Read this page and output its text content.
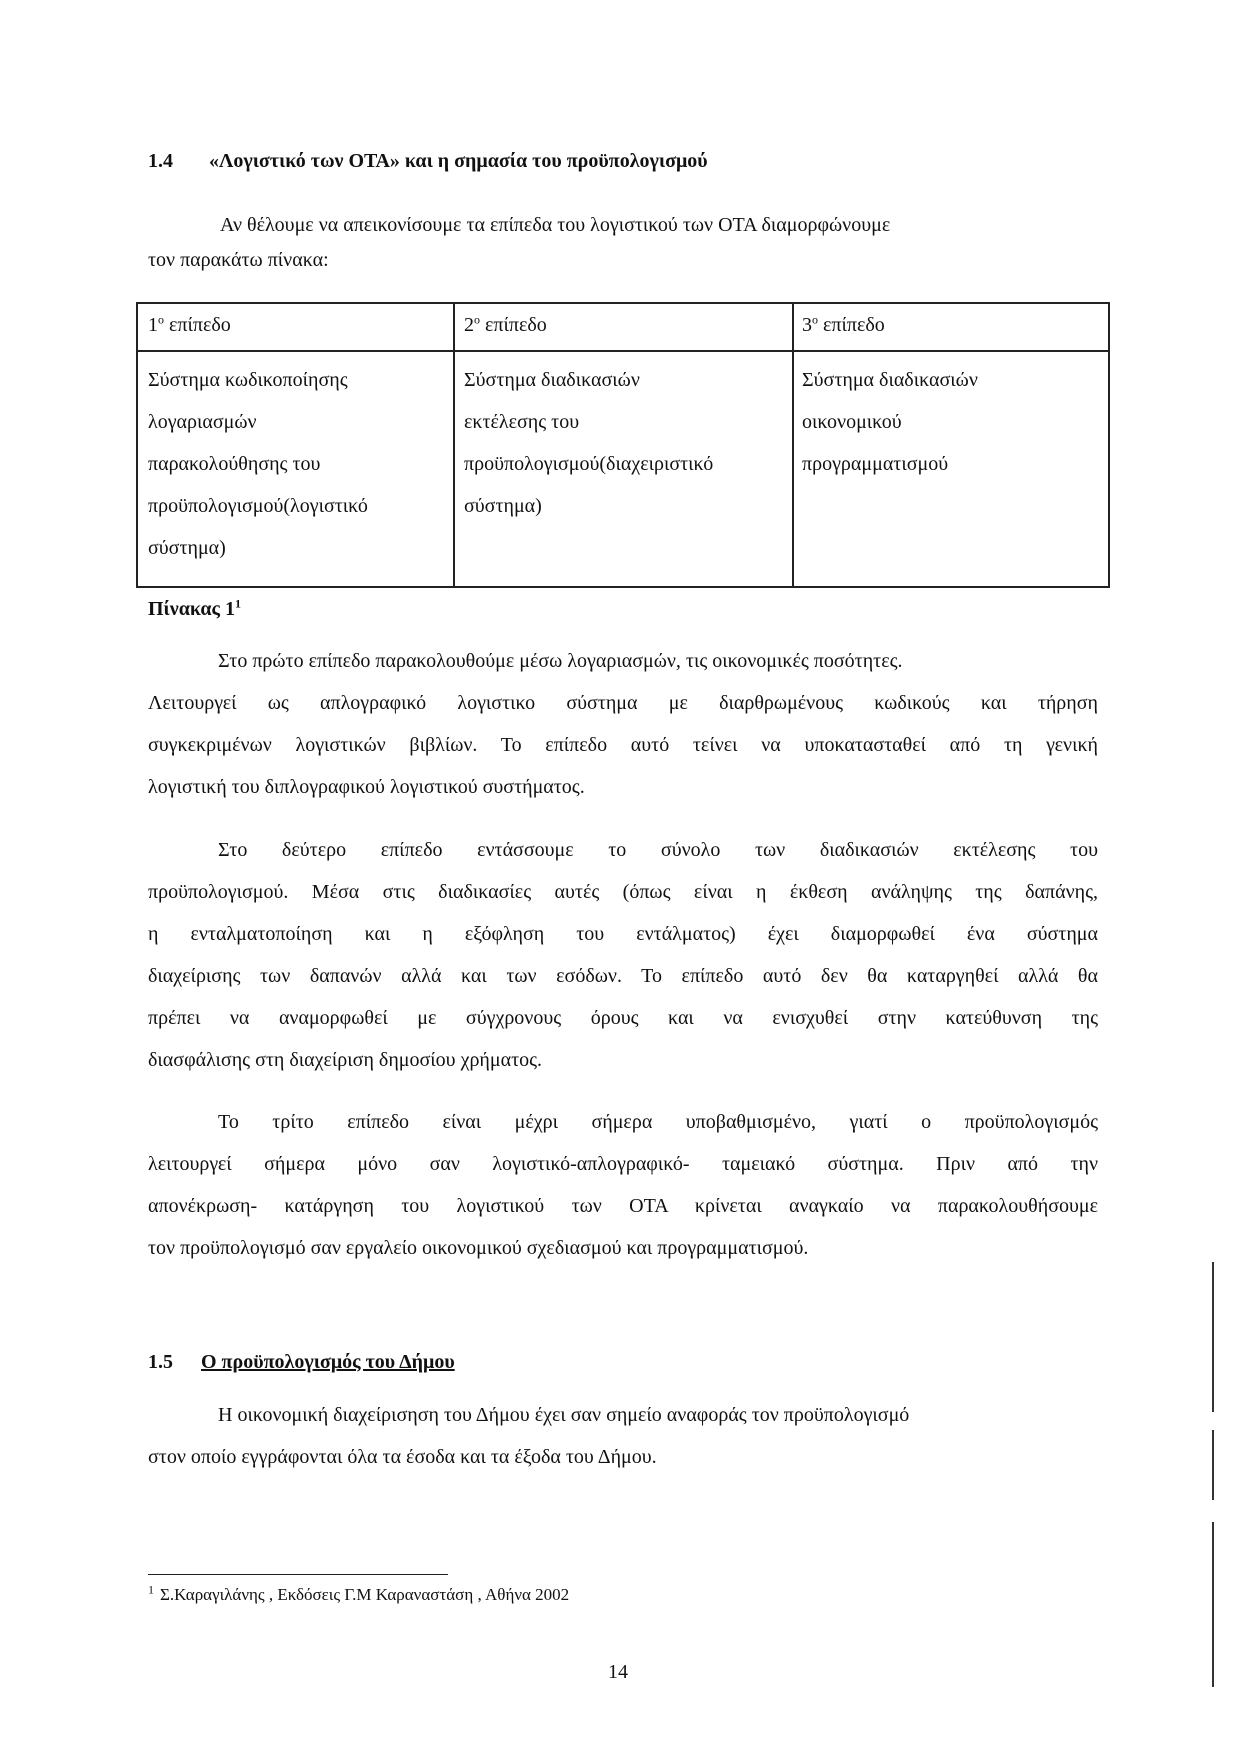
1.4 «Λογιστικό των ΟΤΑ» και η σημασία του προϋπολογισμού
Αν θέλουμε να απεικονίσουμε τα επίπεδα του λογιστικού των ΟΤΑ διαμορφώνουμε
τον παρακάτω πίνακα:
$1^o$ επίπεδο	$2^o$ επίπεδο	$3^o$ επίπεδο
Σύστημα κωδικοποίησης
λογαριασμών
παρακολούθησης του
προϋπολογισμού(λογιστικό
σύστημα)
Σύστημα διαδικασιών
εκτέλεσης του
προϋπολογισμού(διαχειριστικό
σύστημα)
Σύστημα διαδικασιών
οικονομικού
προγραμματισμού
Πίνακας $1^1$
Στο πρώτο επίπεδο παρακολουθούμε μέσω λογαριασμών, τις οικονομικές ποσότητες.
Λειτουργεί ως απλογραφικό λογιστικο σύστημα με διαρθρωμένους κωδικούς και τήρηση
συγκεκριμένων λογιστικών βιβλίων. Το επίπεδο αυτό τείνει να υποκατασταθεί από τη γενική
λογιστική του διπλογραφικού λογιστικού συστήματος.
Στο δεύτερο επίπεδο εντάσσουμε το σύνολο των διαδικασιών εκτέλεσης του
προϋπολογισμού. Μέσα στις διαδικασίες αυτές (όπως είναι η έκθεση ανάληψης της δαπάνης,
η ενταλματοποίηση και η εξόφληση του εντάλματος) έχει διαμορφωθεί ένα σύστημα
διαχείρισης των δαπανών αλλά και των εσόδων. Το επίπεδο αυτό δεν θα καταργηθεί αλλά θα
πρέπει να αναμορφωθεί με σύγχρονους όρους και να ενισχυθεί στην κατεύθυνση της
διασφάλισης στη διαχείριση δημοσίου χρήματος.
Το τρίτο επίπεδο είναι μέχρι σήμερα υποβαθμισμένο, γιατί ο προϋπολογισμός
λειτουργεί σήμερα μόνο σαν λογιστικό-απλογραφικό- ταμειακό σύστημα. Πριν από την
απονέκρωση- κατάργηση του λογιστικού των ΟΤΑ κρίνεται αναγκαίο να παρακολουθήσουμε
τον προϋπολογισμό σαν εργαλείο οικονομικού σχεδιασμού και προγραμματισμού.
1.5 Ο προϋπολογισμός του Δήμου
Η οικονομική διαχείρισηση του Δήμου έχει σαν σημείο αναφοράς τον προϋπολογισμό
στον οποίο εγγράφονται όλα τα έσοδα και τα έξοδα του Δήμου.
$^1$ Σ.Καραγιλάνης , Εκδόσεις Γ.Μ Καραναστάση , Αθήνα 2002
14
